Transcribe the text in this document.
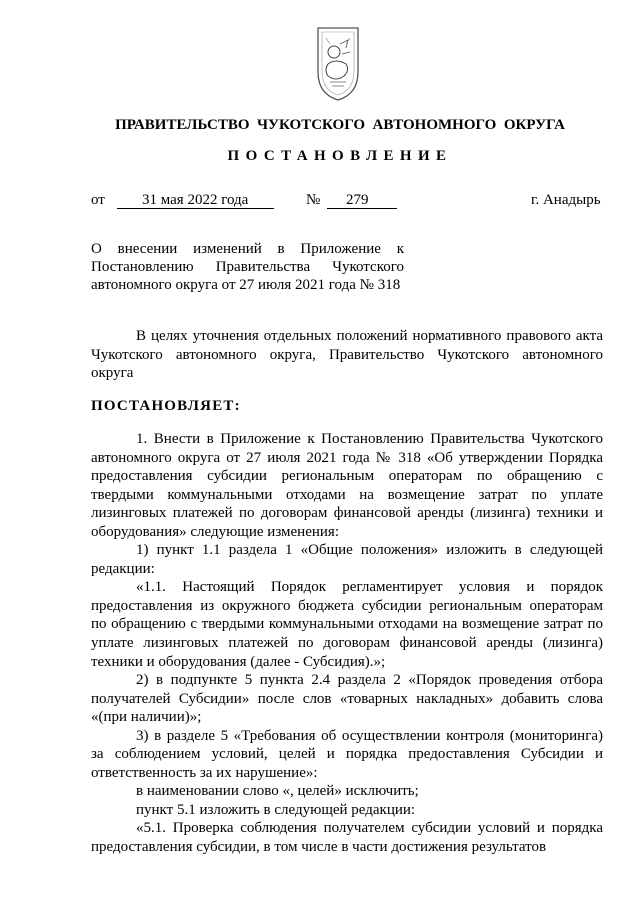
ПРАВИТЕЛЬСТВО  ЧУКОТСКОГО  АВТОНОМНОГО  ОКРУГА
ПОСТАНОВЛЕНИЕ
от 31 мая 2022 года	№ 279	г. Анадырь
О внесении изменений в Приложение к
Постановлению Правительства Чукотского
автономного округа от 27 июля 2021 года № 318
В целях уточнения отдельных положений нормативного правового акта
Чукотского автономного округа, Правительство Чукотского автономного
округа
ПОСТАНОВЛЯЕТ:
1. Внести в Приложение к Постановлению Правительства Чукотского
автономного округа от 27 июля 2021 года № 318 «Об утверждении Порядка
предоставления субсидии региональным операторам по обращению с
твердыми коммунальными отходами на возмещение затрат по уплате
лизинговых платежей по договорам финансовой аренды (лизинга) техники и
оборудования» следующие изменения:
1) пункт 1.1 раздела 1 «Общие положения» изложить в следующей
редакции:
«1.1. Настоящий Порядок регламентирует условия и порядок
предоставления из окружного бюджета субсидии региональным операторам
по обращению с твердыми коммунальными отходами на возмещение затрат по
уплате лизинговых платежей по договорам финансовой аренды (лизинга)
техники и оборудования (далее - Субсидия).»;
2) в подпункте 5 пункта 2.4 раздела 2 «Порядок проведения отбора
получателей Субсидии» после слов «товарных накладных» добавить слова
«(при наличии)»;
3) в разделе 5 «Требования об осуществлении контроля (мониторинга)
за соблюдением условий, целей и порядка предоставления Субсидии и
ответственность за их нарушение»:
в наименовании слово «, целей» исключить;
пункт 5.1 изложить в следующей редакции:
«5.1. Проверка соблюдения получателем субсидии условий и порядка
предоставления субсидии, в том числе в части достижения результатов
